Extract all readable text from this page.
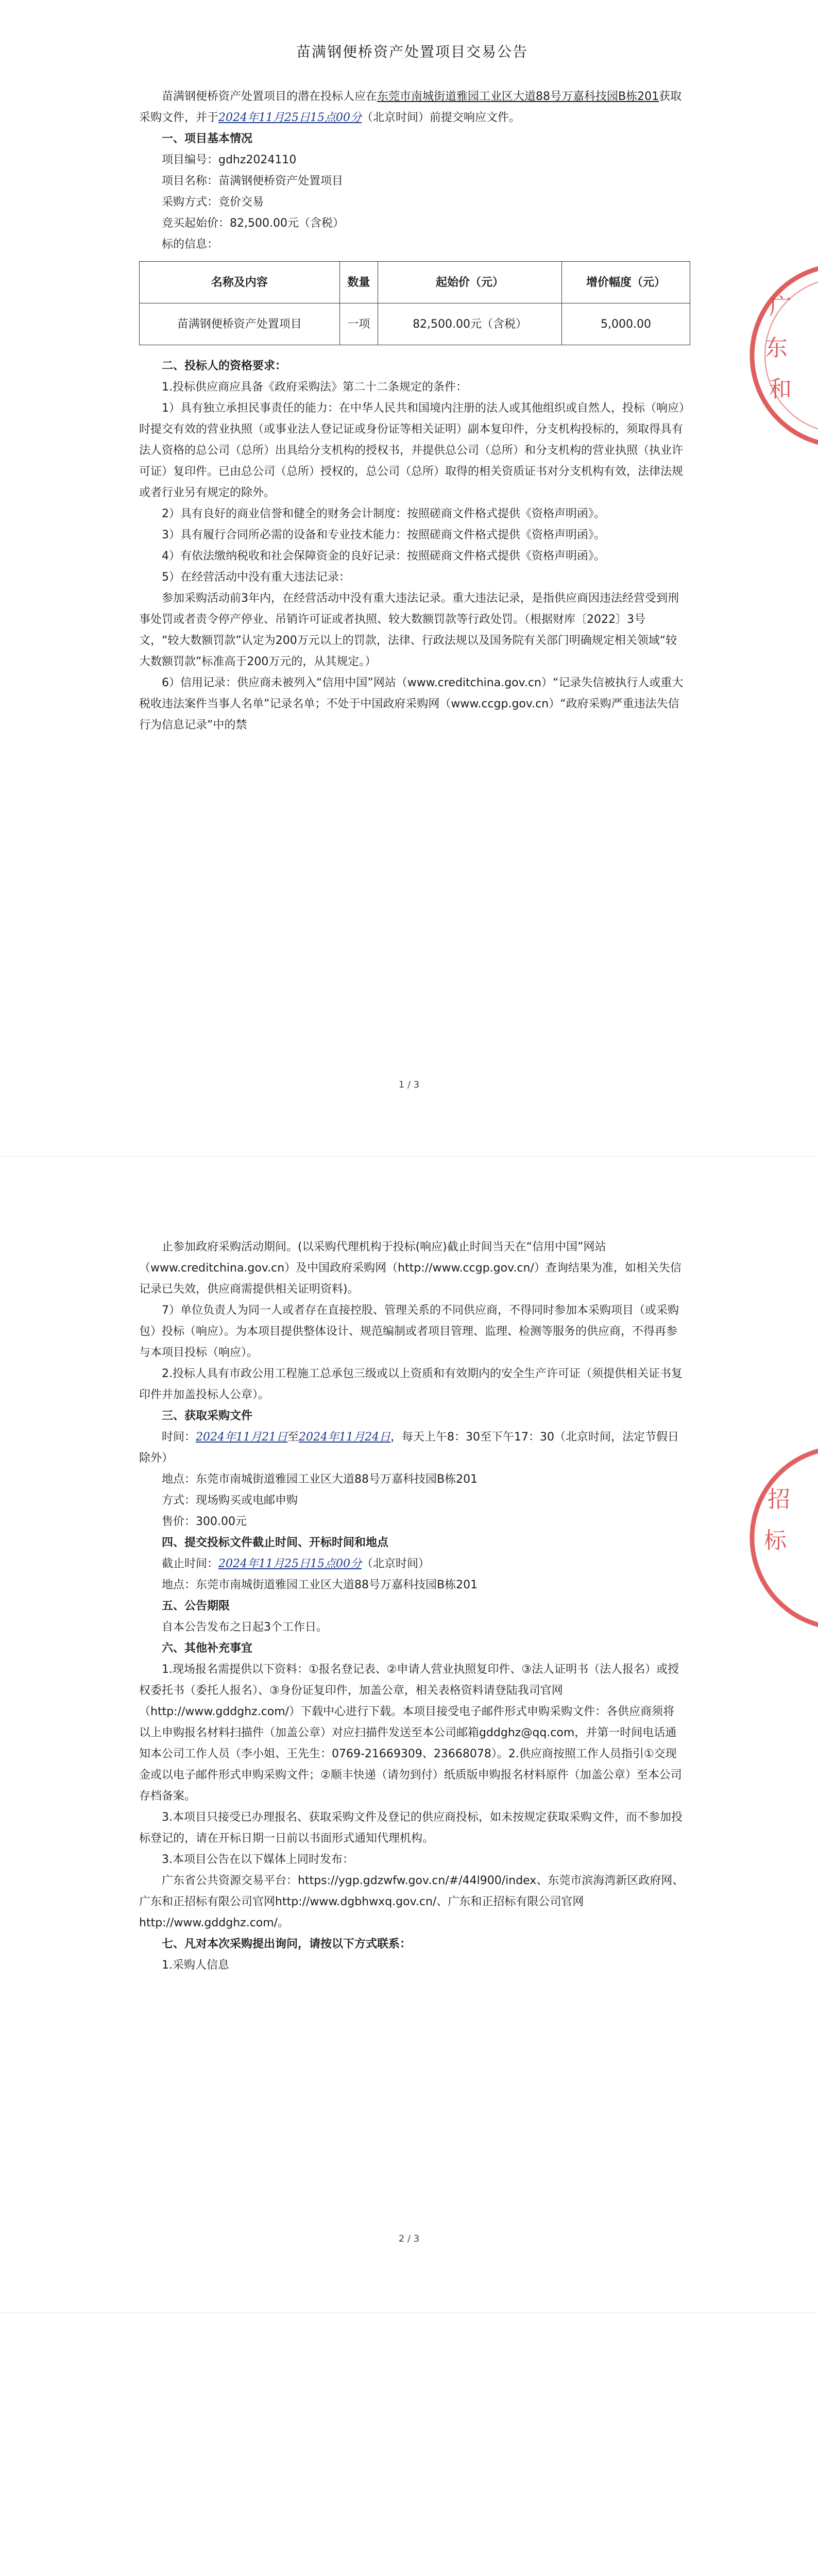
广
东
和
苗满钢便桥资产处置项目交易公告

苗满钢便桥资产处置项目的潜在投标人应在东莞市南城街道雅园工业区大道88号万嘉科技园B栋201获取采购文件，并于2024年11月25日15点00分（北京时间）前提交响应文件。

一、项目基本情况

项目编号：gdhz2024110

项目名称：苗满钢便桥资产处置项目

采购方式：竞价交易

竞买起始价：82,500.00元（含税）

标的信息：

名称及内容	数量	起始价（元）	增价幅度（元）
苗满钢便桥资产处置项目	一项	82,500.00元（含税）	5,000.00

二、投标人的资格要求：

1.投标供应商应具备《政府采购法》第二十二条规定的条件：

1）具有独立承担民事责任的能力：在中华人民共和国境内注册的法人或其他组织或自然人，投标（响应）时提交有效的营业执照（或事业法人登记证或身份证等相关证明）副本复印件，分支机构投标的，须取得具有法人资格的总公司（总所）出具给分支机构的授权书，并提供总公司（总所）和分支机构的营业执照（执业许可证）复印件。已由总公司（总所）授权的，总公司（总所）取得的相关资质证书对分支机构有效，法律法规或者行业另有规定的除外。

2）具有良好的商业信誉和健全的财务会计制度：按照磋商文件格式提供《资格声明函》。

3）具有履行合同所必需的设备和专业技术能力：按照磋商文件格式提供《资格声明函》。

4）有依法缴纳税收和社会保障资金的良好记录：按照磋商文件格式提供《资格声明函》。

5）在经营活动中没有重大违法记录：

参加采购活动前3年内，在经营活动中没有重大违法记录。重大违法记录，是指供应商因违法经营受到刑事处罚或者责令停产停业、吊销许可证或者执照、较大数额罚款等行政处罚。（根据财库〔2022〕3号文，“较大数额罚款”认定为200万元以上的罚款，法律、行政法规以及国务院有关部门明确规定相关领域“较大数额罚款”标准高于200万元的，从其规定。）

6）信用记录：供应商未被列入“信用中国”网站（www.creditchina.gov.cn）“记录失信被执行人或重大税收违法案件当事人名单”记录名单；不处于中国政府采购网（www.ccgp.gov.cn）“政府采购严重违法失信行为信息记录”中的禁

1 / 3
招
标

止参加政府采购活动期间。(以采购代理机构于投标(响应)截止时间当天在“信用中国”网站（www.creditchina.gov.cn）及中国政府采购网（http://www.ccgp.gov.cn/）查询结果为准，如相关失信记录已失效，供应商需提供相关证明资料)。

7）单位负责人为同一人或者存在直接控股、管理关系的不同供应商，不得同时参加本采购项目（或采购包）投标（响应）。为本项目提供整体设计、规范编制或者项目管理、监理、检测等服务的供应商，不得再参与本项目投标（响应）。

2.投标人具有市政公用工程施工总承包三级或以上资质和有效期内的安全生产许可证（须提供相关证书复印件并加盖投标人公章）。

三、获取采购文件

时间：2024年11月21日至2024年11月24日，每天上午8：30至下午17：30（北京时间，法定节假日除外）

地点：东莞市南城街道雅园工业区大道88号万嘉科技园B栋201

方式：现场购买或电邮申购

售价：300.00元

四、提交投标文件截止时间、开标时间和地点

截止时间：2024年11月25日15点00分（北京时间）

地点：东莞市南城街道雅园工业区大道88号万嘉科技园B栋201

五、公告期限

自本公告发布之日起3个工作日。

六、其他补充事宜

1.现场报名需提供以下资料：①报名登记表、②申请人营业执照复印件、③法人证明书（法人报名）或授权委托书（委托人报名）、③身份证复印件，加盖公章，相关表格资料请登陆我司官网（http://www.gddghz.com/）下载中心进行下载。本项目接受电子邮件形式申购采购文件：各供应商须将以上申购报名材料扫描件（加盖公章）对应扫描件发送至本公司邮箱gddghz@qq.com，并第一时间电话通知本公司工作人员（李小姐、王先生：0769-21669309、23668078）。2.供应商按照工作人员指引①交现金或以电子邮件形式申购采购文件；②顺丰快递（请勿到付）纸质版申购报名材料原件（加盖公章）至本公司存档备案。

3.本项目只接受已办理报名、获取采购文件及登记的供应商投标，如未按规定获取采购文件，而不参加投标登记的，请在开标日期一日前以书面形式通知代理机构。

3.本项目公告在以下媒体上同时发布：

广东省公共资源交易平台：https://ygp.gdzwfw.gov.cn/#/44l900/index、东莞市滨海湾新区政府网、广东和正招标有限公司官网http://www.dgbhwxq.gov.cn/、广东和正招标有限公司官网http://www.gddghz.com/。

七、凡对本次采购提出询问，请按以下方式联系：

1.采购人信息

2 / 3
